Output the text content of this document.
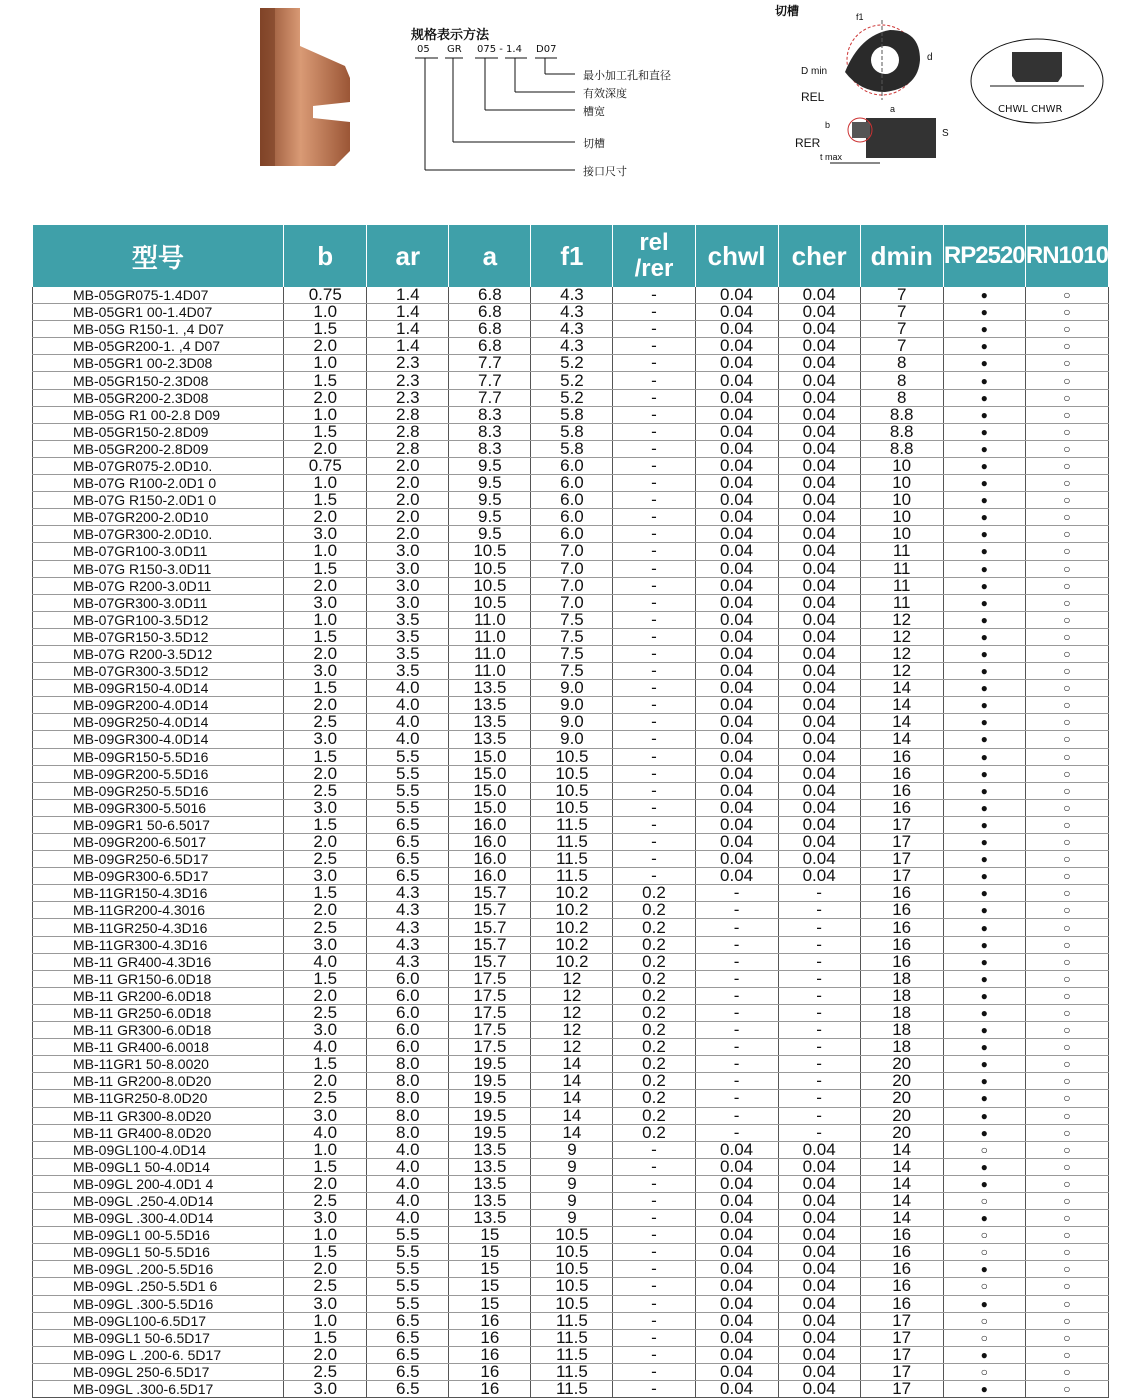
规格表示方法
05 GR 075 - 1.4 D07
最小加工孔和直径
有效深度
槽宽
切槽
接口尺寸
切槽	f1
D min
d
REL
a
b
S
RER
t max
CHWL CHWR
型号	b	ar	a	f1	rel
/rer	chwl	cher	dmin	RP2520	RN1010
MB-05GR075-1.4D07	0.75	1.4	6.8	4.3	-	0.04	0.04	7	●	○
MB-05GR1 00-1.4D07	1.0	1.4	6.8	4.3	-	0.04	0.04	7	●	○
MB-05G R150-1. ,4 D07	1.5	1.4	6.8	4.3	-	0.04	0.04	7	●	○
MB-05GR200-1. ,4 D07	2.0	1.4	6.8	4.3	-	0.04	0.04	7	●	○
MB-05GR1 00-2.3D08	1.0	2.3	7.7	5.2	-	0.04	0.04	8	●	○
MB-05GR150-2.3D08	1.5	2.3	7.7	5.2	-	0.04	0.04	8	●	○
MB-05GR200-2.3D08	2.0	2.3	7.7	5.2	-	0.04	0.04	8	●	○
MB-05G R1 00-2.8 D09	1.0	2.8	8.3	5.8	-	0.04	0.04	8.8	●	○
MB-05GR150-2.8D09	1.5	2.8	8.3	5.8	-	0.04	0.04	8.8	●	○
MB-05GR200-2.8D09	2.0	2.8	8.3	5.8	-	0.04	0.04	8.8	●	○
MB-07GR075-2.0D10.	0.75	2.0	9.5	6.0	-	0.04	0.04	10	●	○
MB-07G R100-2.0D1 0	1.0	2.0	9.5	6.0	-	0.04	0.04	10	●	○
MB-07G R150-2.0D1 0	1.5	2.0	9.5	6.0	-	0.04	0.04	10	●	○
MB-07GR200-2.0D10	2.0	2.0	9.5	6.0	-	0.04	0.04	10	●	○
MB-07GR300-2.0D10.	3.0	2.0	9.5	6.0	-	0.04	0.04	10	●	○
MB-07GR100-3.0D11	1.0	3.0	10.5	7.0	-	0.04	0.04	11	●	○
MB-07G R150-3.0D11	1.5	3.0	10.5	7.0	-	0.04	0.04	11	●	○
MB-07G R200-3.0D11	2.0	3.0	10.5	7.0	-	0.04	0.04	11	●	○
MB-07GR300-3.0D11	3.0	3.0	10.5	7.0	-	0.04	0.04	11	●	○
MB-07GR100-3.5D12	1.0	3.5	11.0	7.5	-	0.04	0.04	12	●	○
MB-07GR150-3.5D12	1.5	3.5	11.0	7.5	-	0.04	0.04	12	●	○
MB-07G R200-3.5D12	2.0	3.5	11.0	7.5	-	0.04	0.04	12	●	○
MB-07GR300-3.5D12	3.0	3.5	11.0	7.5	-	0.04	0.04	12	●	○
MB-09GR150-4.0D14	1.5	4.0	13.5	9.0	-	0.04	0.04	14	●	○
MB-09GR200-4.0D14	2.0	4.0	13.5	9.0	-	0.04	0.04	14	●	○
MB-09GR250-4.0D14	2.5	4.0	13.5	9.0	-	0.04	0.04	14	●	○
MB-09GR300-4.0D14	3.0	4.0	13.5	9.0	-	0.04	0.04	14	●	○
MB-09GR150-5.5D16	1.5	5.5	15.0	10.5	-	0.04	0.04	16	●	○
MB-09GR200-5.5D16	2.0	5.5	15.0	10.5	-	0.04	0.04	16	●	○
MB-09GR250-5.5D16	2.5	5.5	15.0	10.5	-	0.04	0.04	16	●	○
MB-09GR300-5.5016	3.0	5.5	15.0	10.5	-	0.04	0.04	16	●	○
MB-09GR1 50-6.5017	1.5	6.5	16.0	11.5	-	0.04	0.04	17	●	○
MB-09GR200-6.5017	2.0	6.5	16.0	11.5	-	0.04	0.04	17	●	○
MB-09GR250-6.5D17	2.5	6.5	16.0	11.5	-	0.04	0.04	17	●	○
MB-09GR300-6.5D17	3.0	6.5	16.0	11.5	-	0.04	0.04	17	●	○
MB-11GR150-4.3D16	1.5	4.3	15.7	10.2	0.2	-	-	16	●	○
MB-11GR200-4.3016	2.0	4.3	15.7	10.2	0.2	-	-	16	●	○
MB-11GR250-4.3D16	2.5	4.3	15.7	10.2	0.2	-	-	16	●	○
MB-11GR300-4.3D16	3.0	4.3	15.7	10.2	0.2	-	-	16	●	○
MB-11 GR400-4.3D16	4.0	4.3	15.7	10.2	0.2	-	-	16	●	○
MB-11 GR150-6.0D18	1.5	6.0	17.5	12	0.2	-	-	18	●	○
MB-11 GR200-6.0D18	2.0	6.0	17.5	12	0.2	-	-	18	●	○
MB-11 GR250-6.0D18	2.5	6.0	17.5	12	0.2	-	-	18	●	○
MB-11 GR300-6.0D18	3.0	6.0	17.5	12	0.2	-	-	18	●	○
MB-11 GR400-6.0018	4.0	6.0	17.5	12	0.2	-	-	18	●	○
MB-11GR1 50-8.0020	1.5	8.0	19.5	14	0.2	-	-	20	●	○
MB-11 GR200-8.0D20	2.0	8.0	19.5	14	0.2	-	-	20	●	○
MB-11GR250-8.0D20	2.5	8.0	19.5	14	0.2	-	-	20	●	○
MB-11 GR300-8.0D20	3.0	8.0	19.5	14	0.2	-	-	20	●	○
MB-11 GR400-8.0D20	4.0	8.0	19.5	14	0.2	-	-	20	●	○
MB-09GL100-4.0D14	1.0	4.0	13.5	9	-	0.04	0.04	14	○	○
MB-09GL1 50-4.0D14	1.5	4.0	13.5	9	-	0.04	0.04	14	●	○
MB-09GL 200-4.0D1 4	2.0	4.0	13.5	9	-	0.04	0.04	14	●	○
MB-09GL .250-4.0D14	2.5	4.0	13.5	9	-	0.04	0.04	14	○	○
MB-09GL .300-4.0D14	3.0	4.0	13.5	9	-	0.04	0.04	14	●	○
MB-09GL1 00-5.5D16	1.0	5.5	15	10.5	-	0.04	0.04	16	○	○
MB-09GL1 50-5.5D16	1.5	5.5	15	10.5	-	0.04	0.04	16	○	○
MB-09GL .200-5.5D16	2.0	5.5	15	10.5	-	0.04	0.04	16	●	○
MB-09GL .250-5.5D1 6	2.5	5.5	15	10.5	-	0.04	0.04	16	○	○
MB-09GL .300-5.5D16	3.0	5.5	15	10.5	-	0.04	0.04	16	●	○
MB-09GL100-6.5D17	1.0	6.5	16	11.5	-	0.04	0.04	17	○	○
MB-09GL1 50-6.5D17	1.5	6.5	16	11.5	-	0.04	0.04	17	○	○
MB-09G L .200-6. 5D17	2.0	6.5	16	11.5	-	0.04	0.04	17	●	○
MB-09GL 250-6.5D17	2.5	6.5	16	11.5	-	0.04	0.04	17	○	○
MB-09GL .300-6.5D17	3.0	6.5	16	11.5	-	0.04	0.04	17	●	○
